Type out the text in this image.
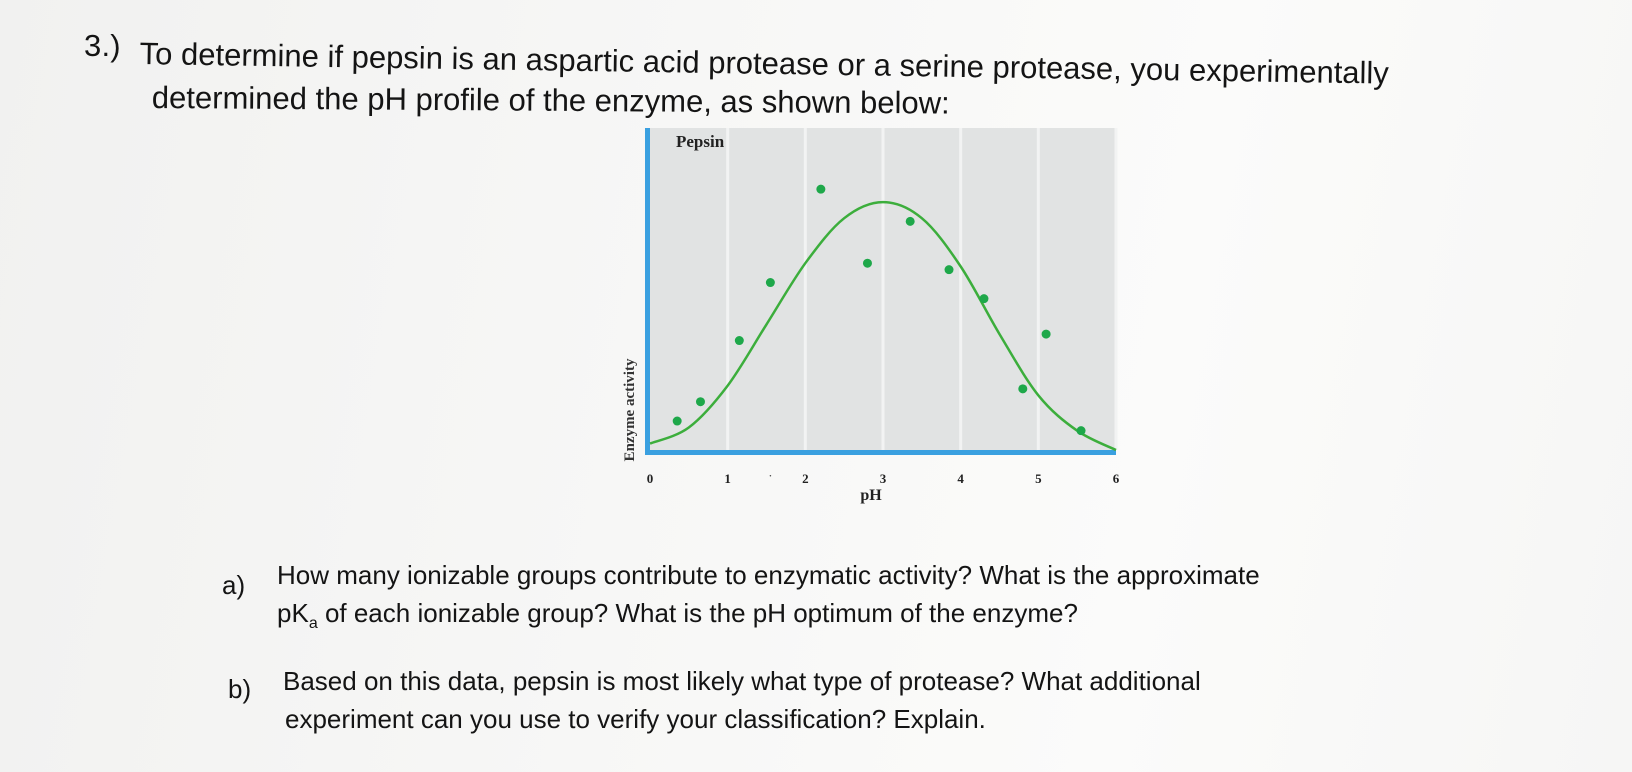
3.) To determine if pepsin is an aspartic acid protease or a serine protease, you experimentally
determined the pH profile of the enzyme, as shown below:
Pepsin
Enzyme activity
pH
0	1	2	3	4	5	6
·
a) How many ionizable groups contribute to enzymatic activity? What is the approximate
$pK_a$ of each ionizable group? What is the pH optimum of the enzyme?
b) Based on this data, pepsin is most likely what type of protease? What additional
experiment can you use to verify your classification? Explain.
